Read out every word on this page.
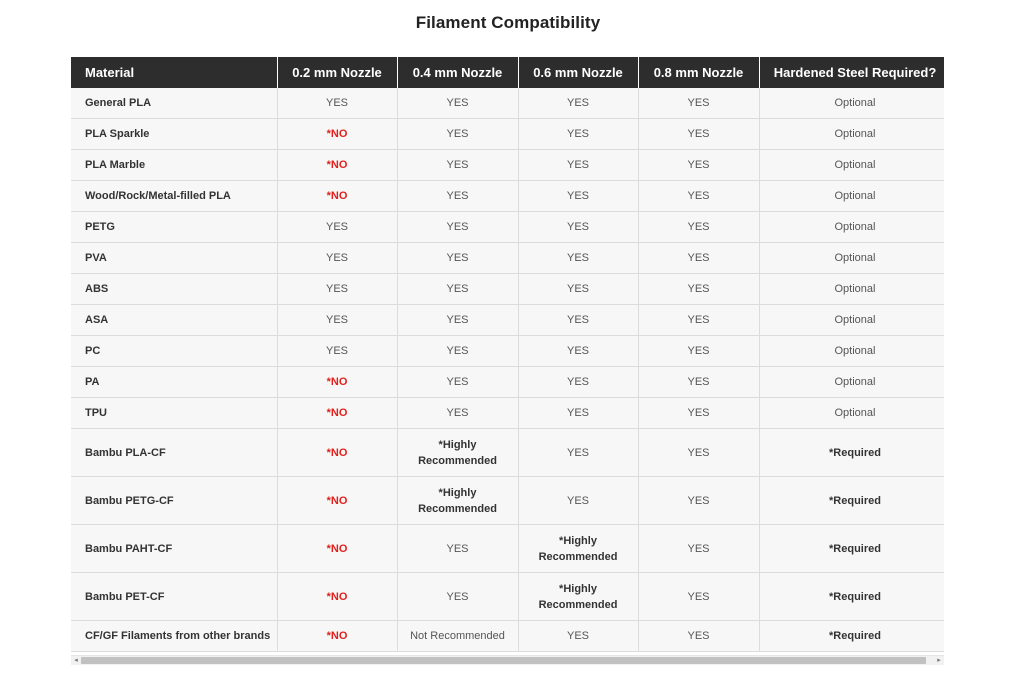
Filament Compatibility
Material	0.2 mm Nozzle	0.4 mm Nozzle	0.6 mm Nozzle	0.8 mm Nozzle	Hardened Steel Required?
General PLA	YES	YES	YES	YES	Optional
PLA Sparkle	*NO	YES	YES	YES	Optional
PLA Marble	*NO	YES	YES	YES	Optional
Wood/Rock/Metal-filled PLA	*NO	YES	YES	YES	Optional
PETG	YES	YES	YES	YES	Optional
PVA	YES	YES	YES	YES	Optional
ABS	YES	YES	YES	YES	Optional
ASA	YES	YES	YES	YES	Optional
PC	YES	YES	YES	YES	Optional
PA	*NO	YES	YES	YES	Optional
TPU	*NO	YES	YES	YES	Optional
Bambu PLA-CF	*NO	*Highly
Recommended	YES	YES	*Required
Bambu PETG-CF	*NO	*Highly
Recommended	YES	YES	*Required
Bambu PAHT-CF	*NO	YES	*Highly
Recommended	YES	*Required
Bambu PET-CF	*NO	YES	*Highly
Recommended	YES	*Required
CF/GF Filaments from other brands	*NO	Not Recommended	YES	YES	*Required
◂	▸
